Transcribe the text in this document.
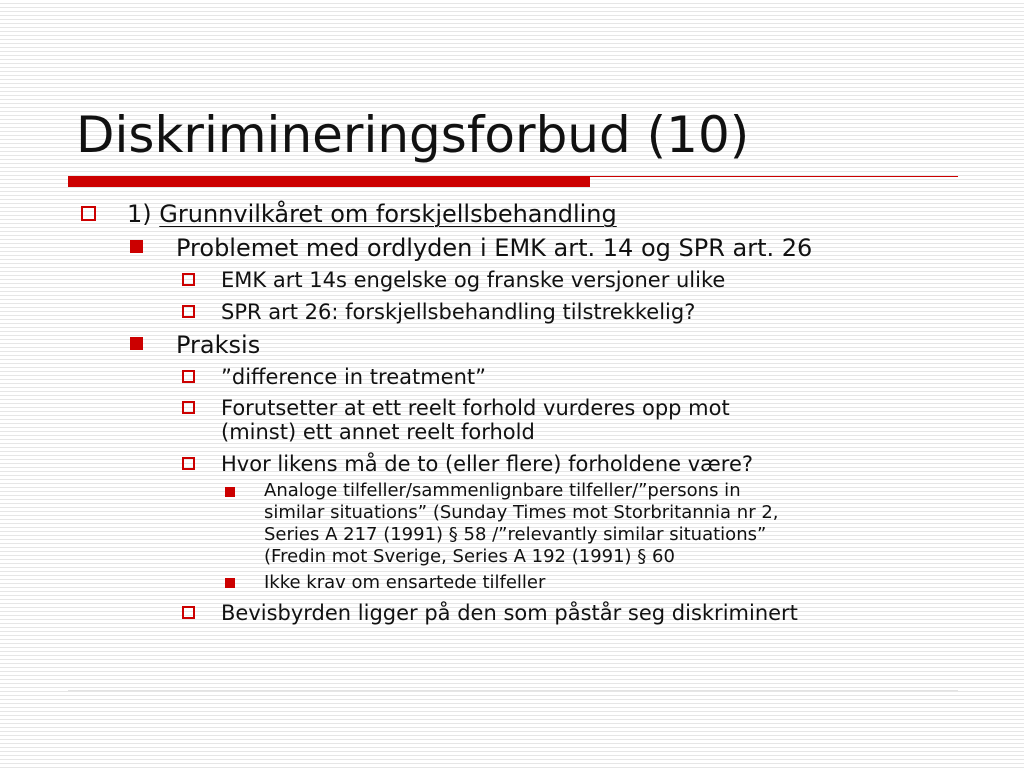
Diskrimineringsforbud (10)
1) Grunnvilkåret om forskjellsbehandling
Problemet med ordlyden i EMK art. 14 og SPR art. 26
EMK art 14s engelske og franske versjoner ulike
SPR art 26: forskjellsbehandling tilstrekkelig?
Praksis
”difference in treatment”
Forutsetter at ett reelt forhold vurderes opp mot
(minst) ett annet reelt forhold
Hvor likens må de to (eller flere) forholdene være?
Analoge tilfeller/sammenlignbare tilfeller/”persons in
similar situations” (Sunday Times mot Storbritannia nr 2,
Series A 217 (1991) § 58 /”relevantly similar situations”
(Fredin mot Sverige, Series A 192 (1991) § 60
Ikke krav om ensartede tilfeller
Bevisbyrden ligger på den som påstår seg diskriminert
